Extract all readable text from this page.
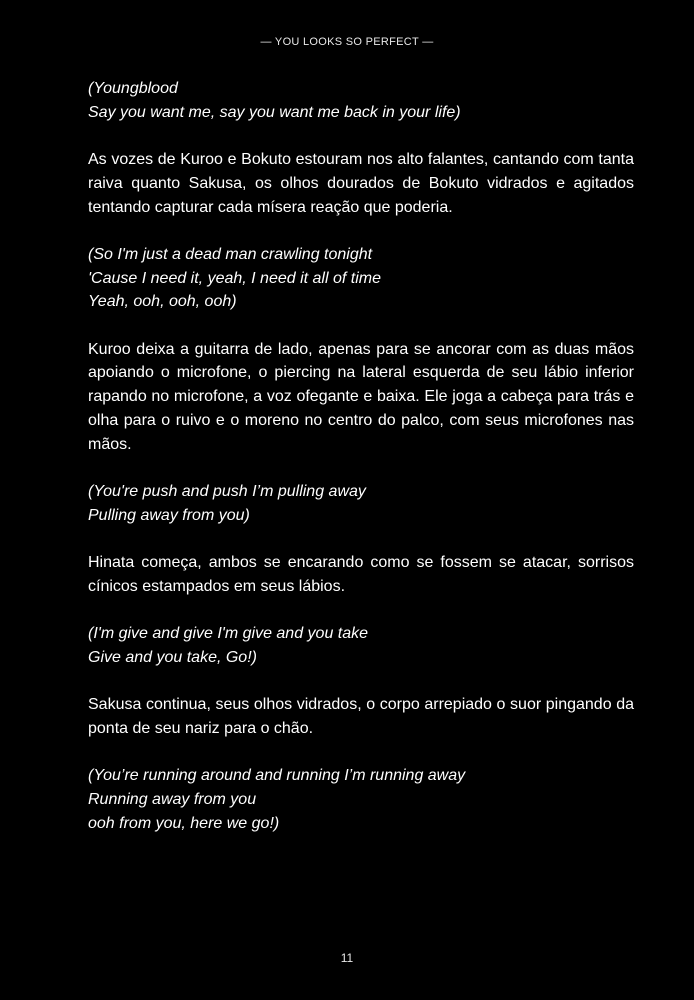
— YOU LOOKS SO PERFECT —
(Youngblood
Say you want me, say you want me back in your life)

As vozes de Kuroo e Bokuto estouram nos alto falantes, cantando com tanta raiva quanto Sakusa, os olhos dourados de Bokuto vidrados e agitados tentando capturar cada mísera reação que poderia.

(So I'm just a dead man crawling tonight
'Cause I need it, yeah, I need it all of time
Yeah, ooh, ooh, ooh)

Kuroo deixa a guitarra de lado, apenas para se ancorar com as duas mãos apoiando o microfone, o piercing na lateral esquerda de seu lábio inferior rapando no microfone, a voz ofegante e baixa. Ele joga a cabeça para trás e olha para o ruivo e o moreno no centro do palco, com seus microfones nas mãos.

(You're push and push I’m pulling away
Pulling away from you)

Hinata começa, ambos se encarando como se fossem se atacar, sorrisos cínicos estampados em seus lábios.

(I'm give and give I'm give and you take
Give and you take, Go!)

Sakusa continua, seus olhos vidrados, o corpo arrepiado o suor pingando da ponta de seu nariz para o chão.

(You’re running around and running I’m running away
Running away from you
ooh from you, here we go!)
11
